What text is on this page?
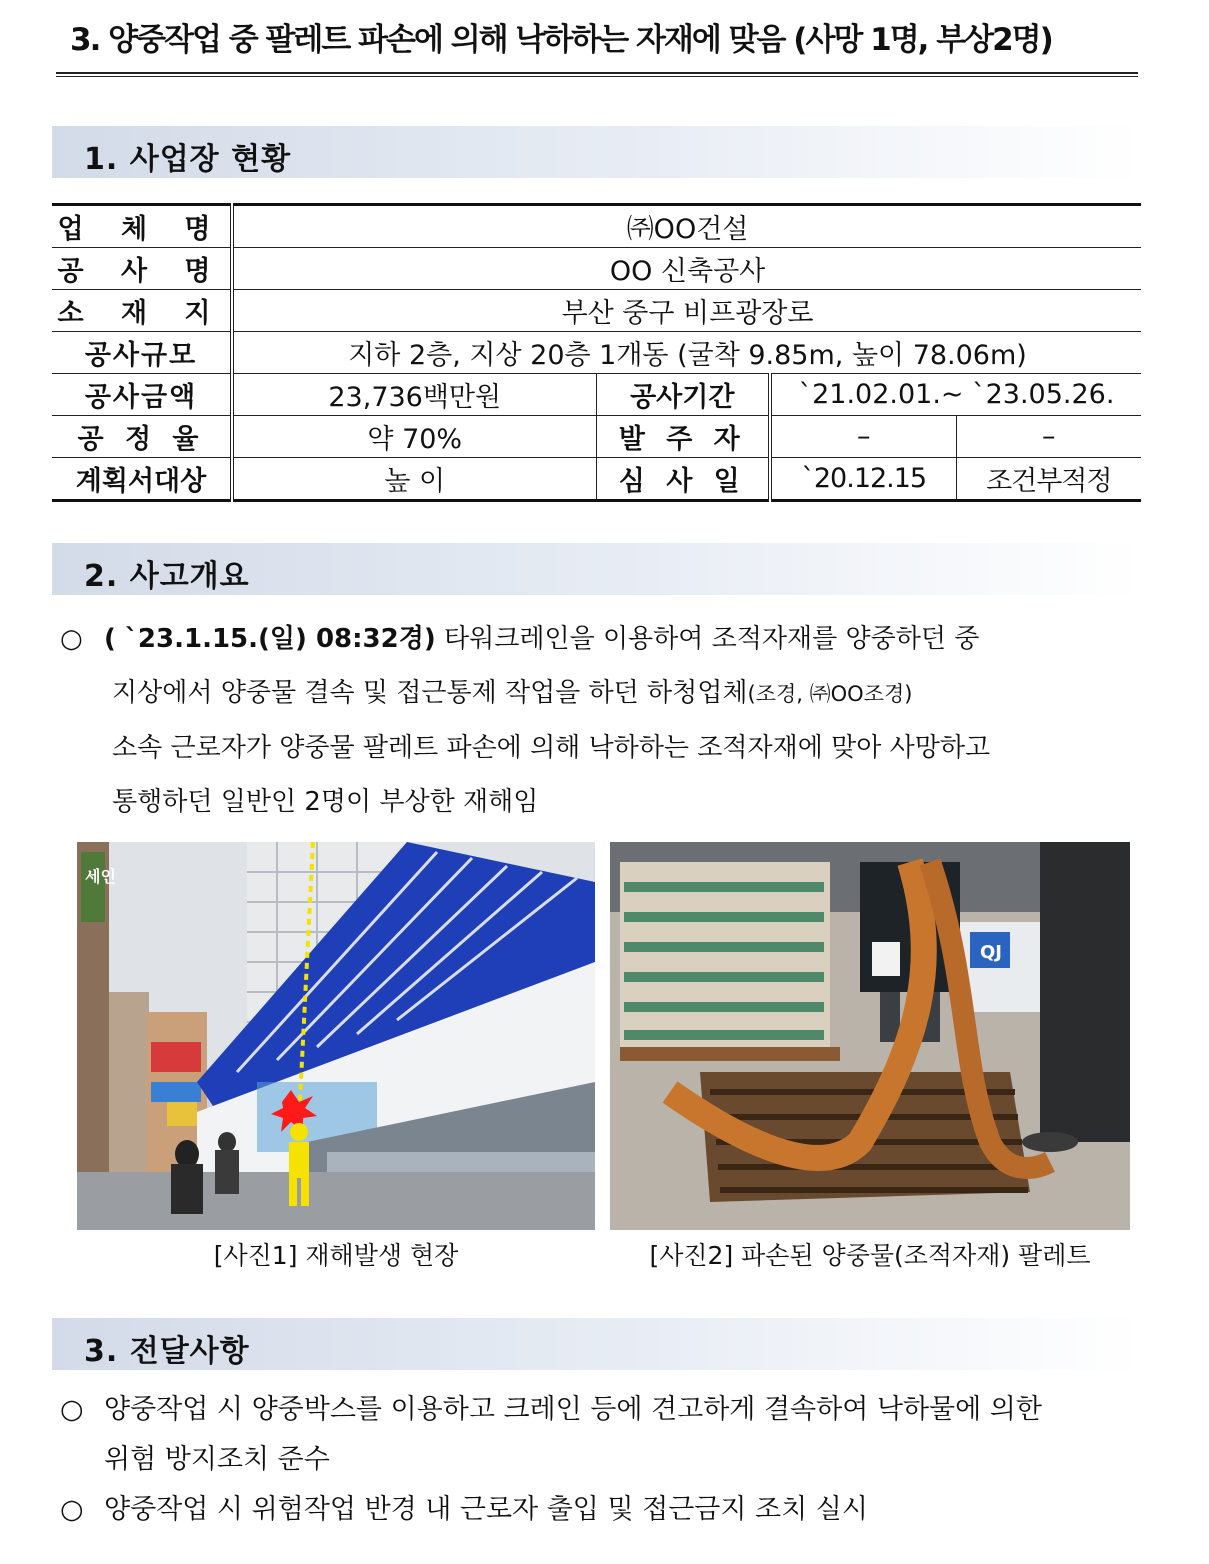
3. 양중작업 중 팔레트 파손에 의해 낙하하는 자재에 맞음 (사망 1명, 부상2명)
1. 사업장 현황
업 체 명	㈜OO건설			
공 사 명	OO 신축공사			
소 재 지	부산 중구 비프광장로			
공사규모	지하 2층, 지상 20층 1개동 (굴착 9.85m, 높이 78.06m)			
공사금액	23,736백만원	공사기간	`21.02.01.~ `23.05.26.	
공 정 율	약 70%	발 주 자	–	–
계획서대상	높 이	심 사 일	`20.12.15	조건부적정
2. 사고개요
○ ( `23.1.15.(일) 08:32경) 타워크레인을 이용하여 조적자재를 양중하던 중
지상에서 양중물 결속 및 접근통제 작업을 하던 하청업체(조경, ㈜OO조경)
소속 근로자가 양중물 팔레트 파손에 의해 낙하하는 조적자재에 맞아 사망하고
통행하던 일반인 2명이 부상한 재해임
세인
[사진1] 재해발생 현장
QJ
[사진2] 파손된 양중물(조적자재) 팔레트
3. 전달사항
○ 양중작업 시 양중박스를 이용하고 크레인 등에 견고하게 결속하여 낙하물에 의한
위험 방지조치 준수
○ 양중작업 시 위험작업 반경 내 근로자 출입 및 접근금지 조치 실시
